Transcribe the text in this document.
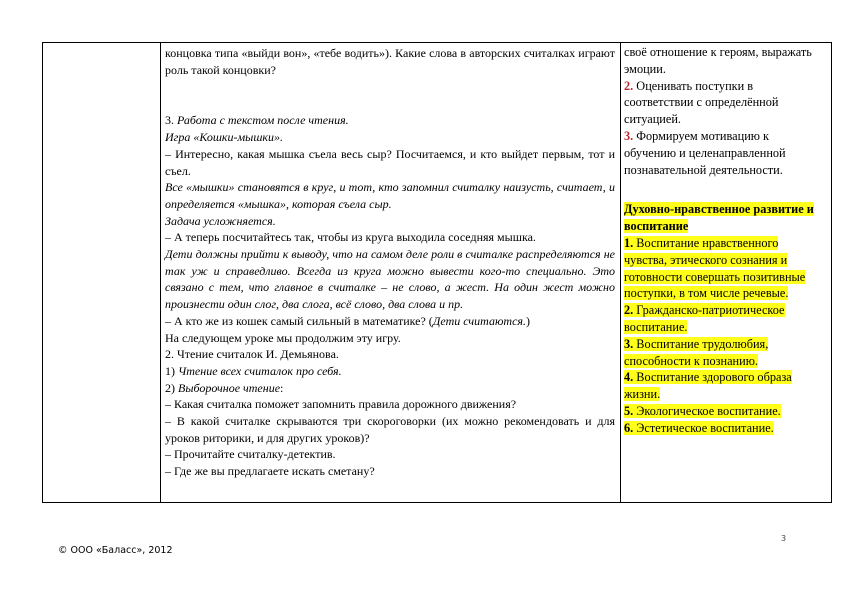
концовка типа «выйди вон», «тебе водить»). Какие слова в авторских считалках играют роль такой концовки?

3. Работа с текстом после чтения.

Игра «Кошки-мышки».

– Интересно, какая мышка съела весь сыр? Посчитаемся, и кто выйдет первым, тот и съел.

Все «мышки» становятся в круг, и тот, кто запомнил считалку наизусть, считает, и определяется «мышка», которая съела сыр.

Задача усложняется.

– А теперь посчитайтесь так, чтобы из круга выходила соседняя мышка.

Дети должны прийти к выводу, что на самом деле роли в считалке распределяются не так уж и справедливо. Всегда из круга можно вывести кого-то специально. Это связано с тем, что главное в считалке – не слово, а жест. На один жест можно произнести один слог, два слога, всё слово, два слова и пр.

– А кто же из кошек самый сильный в математике? (Дети считаются.)

На следующем уроке мы продолжим эту игру.

2. Чтение считалок И. Демьянова.

1) Чтение всех считалок про себя.

2) Выборочное чтение:

– Какая считалка поможет запомнить правила дорожного движения?

– В какой считалке скрываются три скороговорки (их можно рекомендовать и для уроков риторики, и для других уроков)?

– Прочитайте считалку-детектив.

– Где же вы предлагаете искать сметану?

своё отношение к героям, выражать эмоции.

2. Оценивать поступки в соответствии с определённой ситуацией.

3. Формируем мотивацию к обучению и целенаправленной познавательной деятельности.

Духовно-нравственное развитие и воспитание

1. Воспитание нравственного чувства, этического сознания и готовности совершать позитивные поступки, в том числе речевые.

2. Гражданско-патриотическое воспитание.

3. Воспитание трудолюбия, способности к познанию.

4. Воспитание здорового образа жизни.

5. Экологическое воспитание.

6. Эстетическое воспитание.

3
© ООО «Баласс», 2012
